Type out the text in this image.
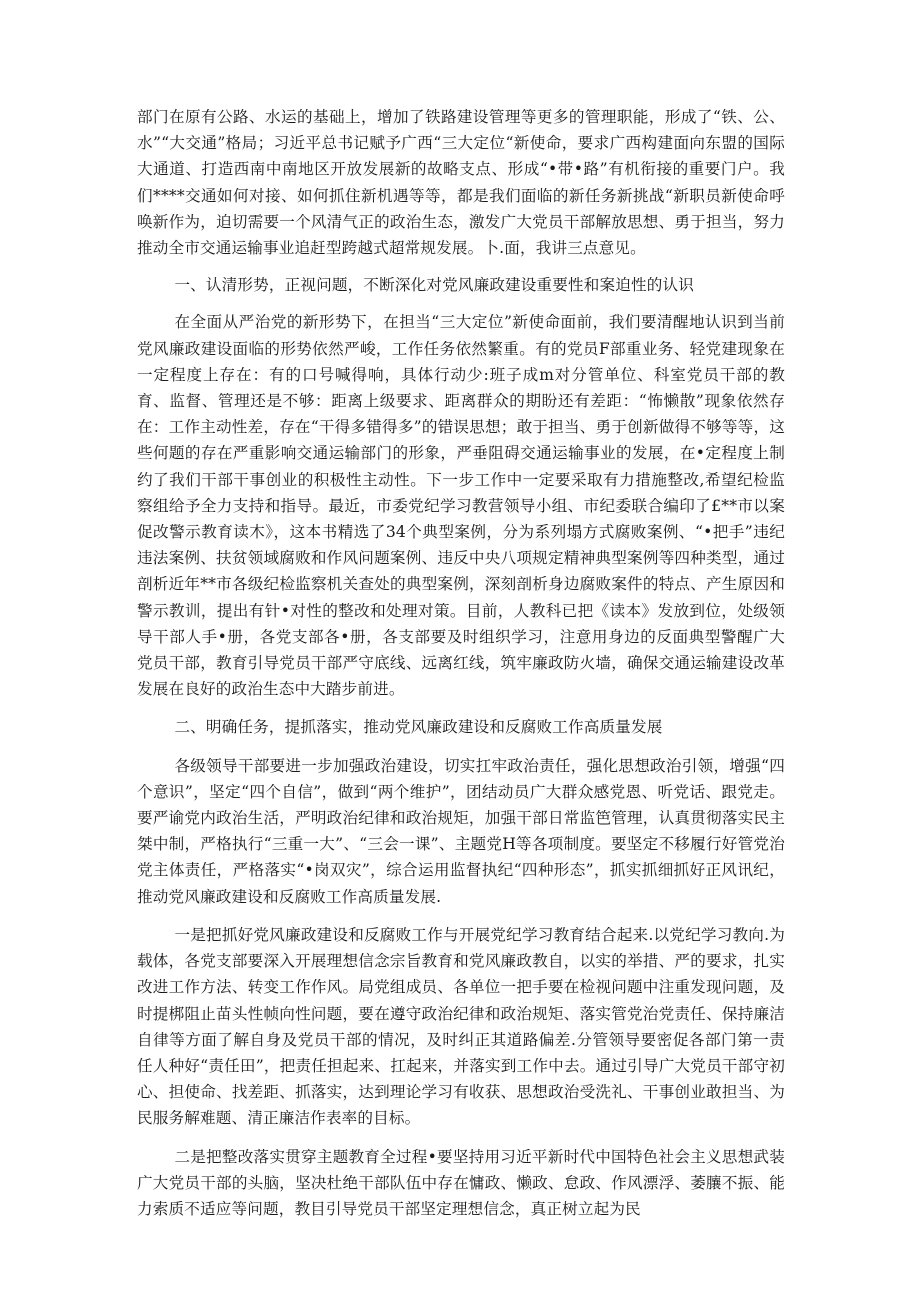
部门在原有公路、水运的基础上，增加了铁路建设管理等更多的管理职能，形成了“铁、公、水”“大交通”格局；习近平总书记赋予广西“三大定位“新使命，要求广西构建面向东盟的国际大通道、打造西南中南地区开放发展新的故略支点、形成“•带•路”有机衔接的重要门户。我们****交通如何对接、如何抓住新机遇等等，都是我们面临的新任务新挑战“新职员新使命呼唤新作为，迫切需要一个风清气正的政治生态，激发广大党员干部解放思想、勇于担当，努力推动全市交通运输事业追赶型跨越式超常规发展。卜.面，我讲三点意见。

一、认清形势，正视问题，不断深化对党风廉政建设重要性和案迫性的认识

在全面从严治党的新形势下，在担当“三大定位”新使命面前，我们要清醒地认识到当前党风廉政建设面临的形势依然严峻，工作任务依然繁重。有的党员F部重业务、轻党建现象在一定程度上存在：有的口号喊得响，具体行动少:班子成m对分管单位、科室党员干部的教育、监督、管理还是不够：距离上级要求、距离群众的期盼还有差距：“怖懒散”现象依然存在：工作主动性差，存在“干得多错得多”的错误思想；敢于担当、勇于创新做得不够等等，这些何题的存在严重影响交通运输部门的形象，严垂阻碍交通运输事业的发展，在•定程度上制约了我们干部干事创业的积极性主动性。下一步工作中一定要采取有力措施整改,希望纪检监察组给予全力支持和指导。最近，市委党纪学习教营领导小组、市纪委联合编印了£**市以案促改警示教育读木》，这本书精选了34个典型案例，分为系列塌方式腐败案例、“•把手”违纪违法案例、扶贫领域腐败和作风问题案例、违反中央八项规定精神典型案例等四种类型，通过剖析近年**市各级纪检监察机关查处的典型案例，深刻剖析身边腐败案件的特点、产生原因和警示教训，提出有针•对性的整改和处理对策。目前，人教科已把《读本》发放到位，处级领导干部人手•册，各党支部各•册，各支部要及时组织学习，注意用身边的反面典型警醒广大党员干部，教育引导党员干部严守底线、远离红线，筑牢廉政防火墙，确保交通运输建设改革发展在良好的政治生态中大踏步前进。

二、明确任务，提抓落实，推动党风廉政建设和反腐败工作高质量发展

各级领导干部要进一步加强政治建设，切实扛牢政治责任，强化思想政治引领，增强“四个意识”，坚定“四个自信”，做到“两个维护”，团结动员广大群众感党恩、听党话、跟党走。要严谕党内政治生活，严明政治纪律和政治规矩，加强干部日常监笆管理，认真贯彻落实民主桀中制，严格执行“三重一大”、“三会一课”、主题党H等各项制度。要坚定不移履行好管党治党主体责任，严格落实“•岗双灾”，综合运用监督执纪“四种形态”，抓实抓细抓好正风讯纪，推动党风廉政建设和反腐败工作高质量发展.

一是把抓好党风廉政建设和反腐败工作与开展党纪学习教育结合起来.以党纪学习教向.为载体，各党支部要深入开展理想信念宗旨教育和党风廉政教自，以实的举措、严的要求，扎实改进工作方法、转变工作作风。局党组成员、各单位一把手要在检视问题中注重发现问题，及时提梆阻止苗头性帧向性问题，要在遵守政治纪律和政治规矩、落实管党治党责任、保持廉洁自律等方面了解自身及党员干部的情况，及时纠正其道路偏差.分管领导要密促各部门第一责任人种好“责任田”，把责任担起来、扛起来，并落实到工作中去。通过引导广大党员干部守初心、担使命、找差距、抓落实，达到理论学习有收获、思想政治受洗礼、干事创业敢担当、为民服务解难题、清正廉洁作表率的目标。

二是把整改落实贯穿主题教育全过程•要坚持用习近平新时代中国特色社会主义思想武装广大党员干部的头脑，坚决杜绝干部队伍中存在慵政、懒政、怠政、作风漂浮、萎䑋不振、能力索质不适应等问题，教目引导党员干部坚定理想信念，真正树立起为民
